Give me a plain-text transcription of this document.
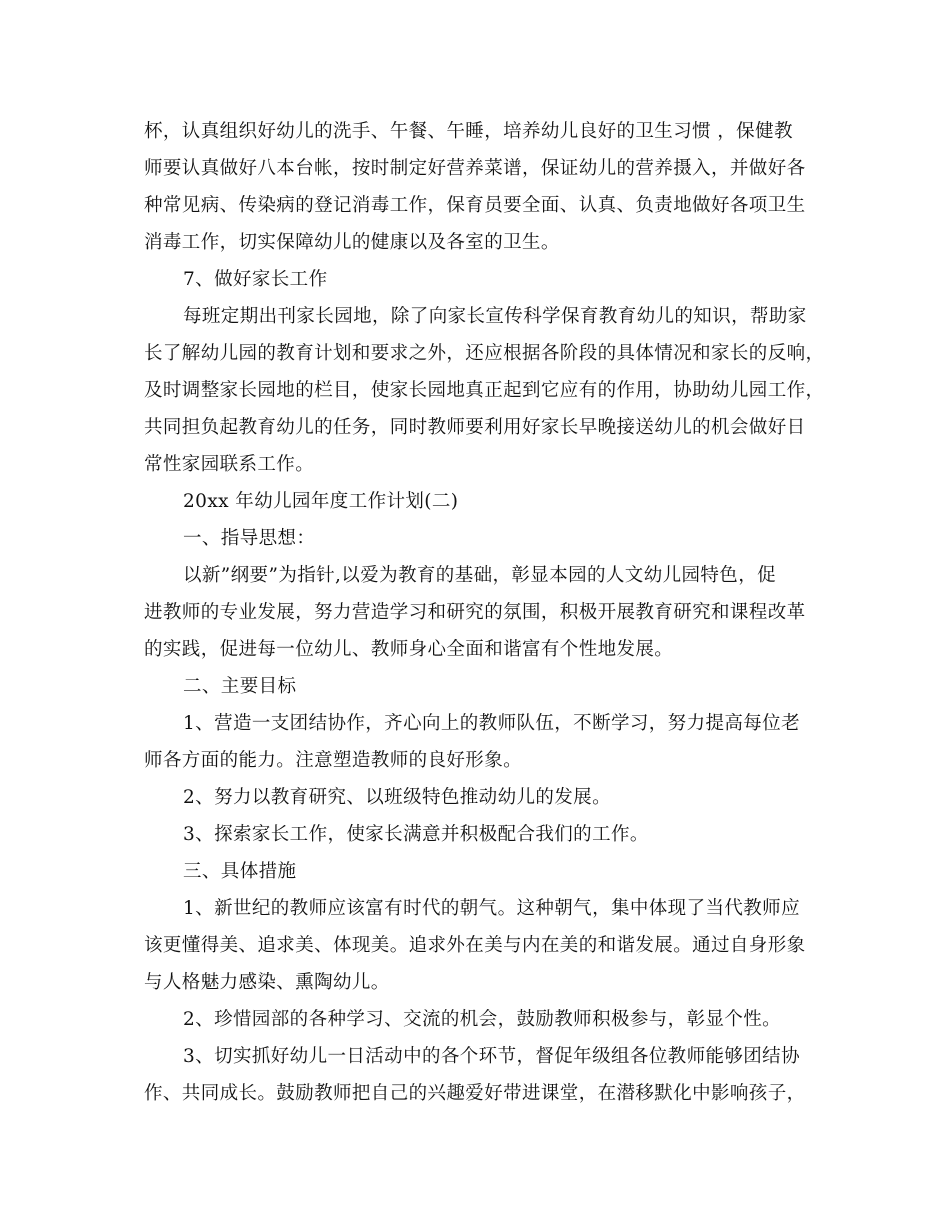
杯，认真组织好幼儿的洗手、午餐、午睡，培养幼儿良好的卫生习惯 ，保健教
师要认真做好八本台帐，按时制定好营养菜谱，保证幼儿的营养摄入，并做好各
种常见病、传染病的登记消毒工作，保育员要全面、认真、负责地做好各项卫生
消毒工作，切实保障幼儿的健康以及各室的卫生。
7、做好家长工作
每班定期出刊家长园地，除了向家长宣传科学保育教育幼儿的知识，帮助家
长了解幼儿园的教育计划和要求之外，还应根据各阶段的具体情况和家长的反响，
及时调整家长园地的栏目，使家长园地真正起到它应有的作用，协助幼儿园工作，
共同担负起教育幼儿的任务，同时教师要利用好家长早晚接送幼儿的机会做好日
常性家园联系工作。
20xx 年幼儿园年度工作计划(二)
一、指导思想：
以新”纲要”为指针,以爱为教育的基础，彰显本园的人文幼儿园特色，促
进教师的专业发展，努力营造学习和研究的氛围，积极开展教育研究和课程改革
的实践，促进每一位幼儿、教师身心全面和谐富有个性地发展。
二、主要目标
1、营造一支团结协作，齐心向上的教师队伍，不断学习，努力提高每位老
师各方面的能力。注意塑造教师的良好形象。
2、努力以教育研究、以班级特色推动幼儿的发展。
3、探索家长工作，使家长满意并积极配合我们的工作。
三、具体措施
1、新世纪的教师应该富有时代的朝气。这种朝气，集中体现了当代教师应
该更懂得美、追求美、体现美。追求外在美与内在美的和谐发展。通过自身形象
与人格魅力感染、熏陶幼儿。
2、珍惜园部的各种学习、交流的机会，鼓励教师积极参与，彰显个性。
3、切实抓好幼儿一日活动中的各个环节，督促年级组各位教师能够团结协
作、共同成长。鼓励教师把自己的兴趣爱好带进课堂，在潜移默化中影响孩子，
